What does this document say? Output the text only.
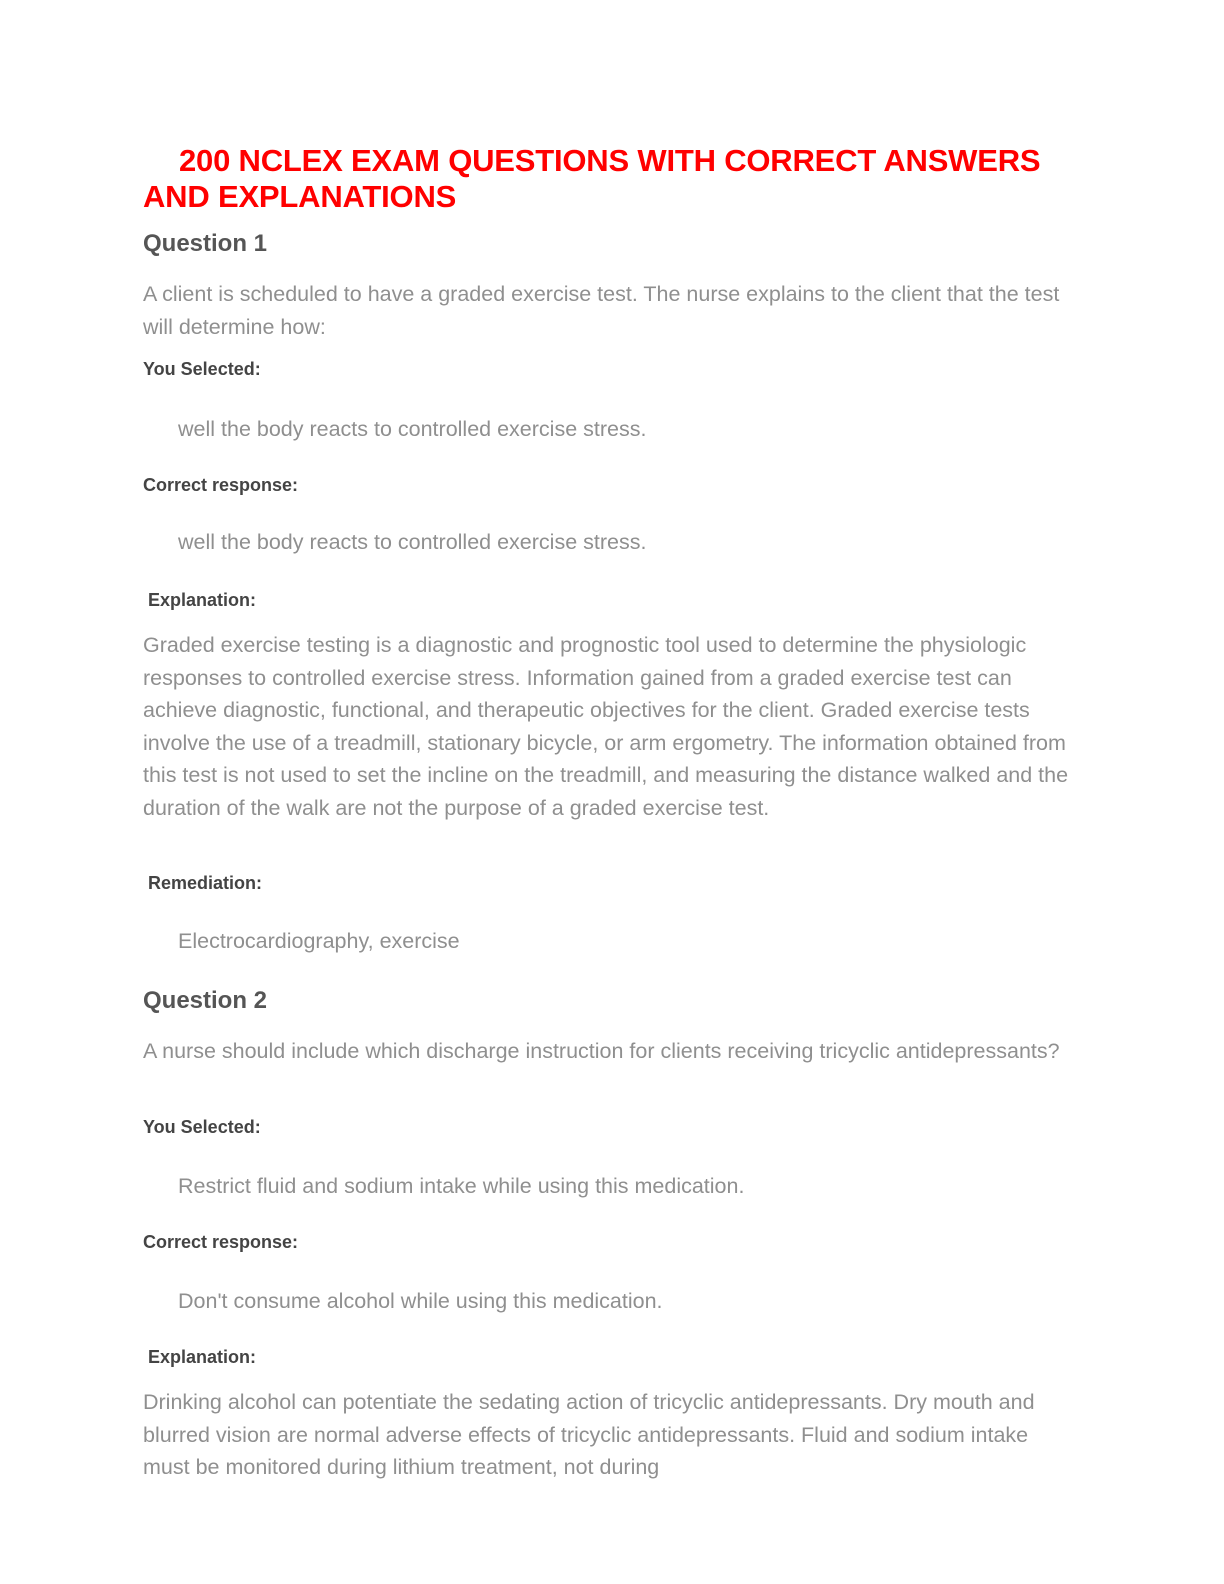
200 NCLEX EXAM QUESTIONS WITH CORRECT ANSWERS AND EXPLANATIONS
Question 1

A client is scheduled to have a graded exercise test. The nurse explains to the client that the test will determine how:

You Selected:

well the body reacts to controlled exercise stress.

Correct response:

well the body reacts to controlled exercise stress.

Explanation:

Graded exercise testing is a diagnostic and prognostic tool used to determine the physiologic responses to controlled exercise stress. Information gained from a graded exercise test can achieve diagnostic, functional, and therapeutic objectives for the client. Graded exercise tests involve the use of a treadmill, stationary bicycle, or arm ergometry. The information obtained from this test is not used to set the incline on the treadmill, and measuring the distance walked and the duration of the walk are not the purpose of a graded exercise test.

Remediation:

Electrocardiography, exercise

Question 2

A nurse should include which discharge instruction for clients receiving tricyclic antidepressants?

You Selected:

Restrict fluid and sodium intake while using this medication.

Correct response:

Don't consume alcohol while using this medication.

Explanation:

Drinking alcohol can potentiate the sedating action of tricyclic antidepressants. Dry mouth and blurred vision are normal adverse effects of tricyclic antidepressants. Fluid and sodium intake must be monitored during lithium treatment, not during
